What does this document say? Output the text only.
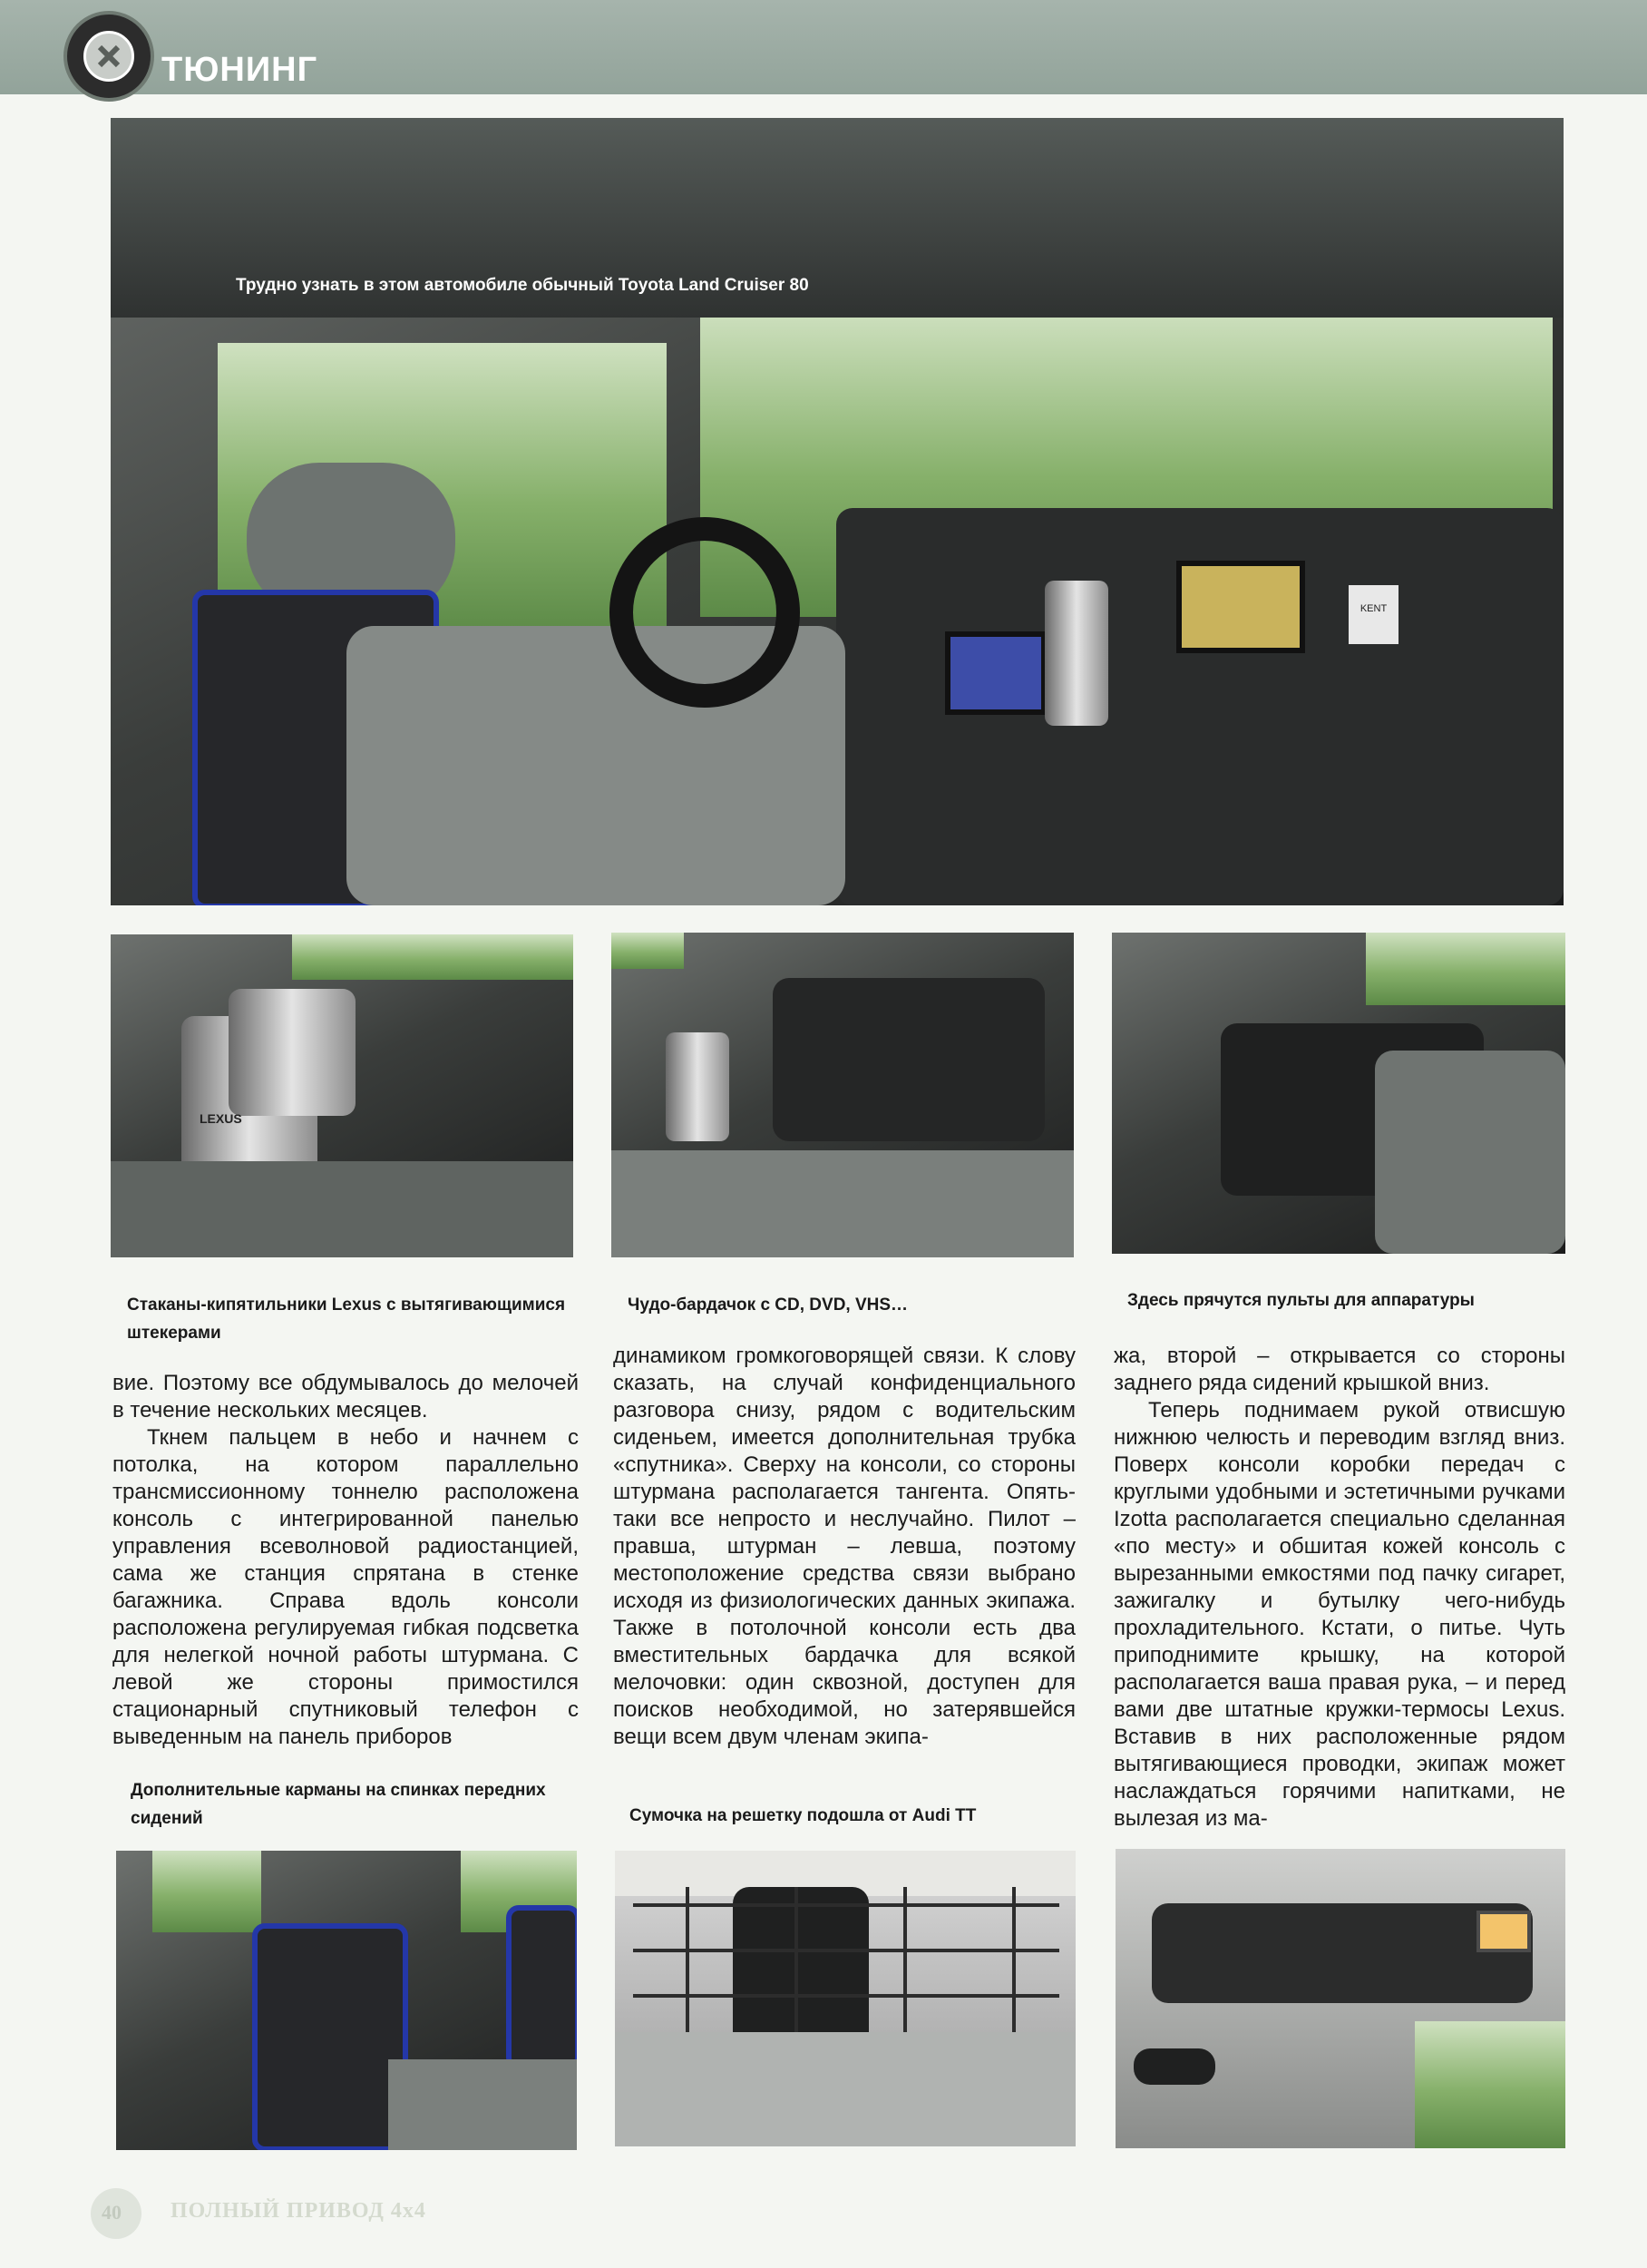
ТЮНИНГ
Трудно узнать в этом автомобиле обычный Toyota Land Cruiser 80
KENT
LEXUS
Стаканы-кипятильники Lexus с вытягивающимися штекерами
Чудо-бардачок с CD, DVD, VHS…	Здесь прячутся пульты для аппаратуры

вие. Поэтому все обдумывалось до мелочей в течение нескольких месяцев.

Ткнем пальцем в небо и начнем с потолка, на котором параллельно трансмиссионному тоннелю расположена консоль с интегрированной панелью управления всеволновой радиостанцией, сама же станция спрятана в стенке багажника. Справа вдоль консоли расположена регулируемая гибкая подсветка для нелегкой ночной работы штурмана. С левой же стороны примостился стационарный спутниковый телефон с выведенным на панель приборов

динамиком громкоговорящей связи. К слову сказать, на случай конфиденциального разговора снизу, рядом с водительским сиденьем, имеется дополнительная трубка «спутника». Сверху на консоли, со стороны штурмана располагается тангента. Опять-таки все непросто и неслучайно. Пилот – правша, штурман – левша, поэтому местоположение средства связи выбрано исходя из физиологических данных экипажа. Также в потолочной консоли есть два вместительных бардачка для всякой мелочовки: один сквозной, доступен для поисков необходимой, но затерявшейся вещи всем двум членам экипа-

жа, второй – открывается со стороны заднего ряда сидений крышкой вниз.

Теперь поднимаем рукой отвисшую нижнюю челюсть и переводим взгляд вниз. Поверх консоли коробки передач с круглыми удобными и эстетичными ручками Izotta располагается специально сделанная «по месту» и обшитая кожей консоль с вырезанными емкостями под пачку сигарет, зажигалку и бутылку чего-нибудь прохладительного. Кстати, о питье. Чуть приподнимите крышку, на которой располагается ваша правая рука, – и перед вами две штатные кружки-термосы Lexus. Вставив в них расположенные рядом вытягивающиеся проводки, экипаж может наслаждаться горячими напитками, не вылезая из ма-

Дополнительные карманы на спинках передних сидений	Сумочка на решетку подошла от Audi TT
40 ПОЛНЫЙ ПРИВОД 4x4
